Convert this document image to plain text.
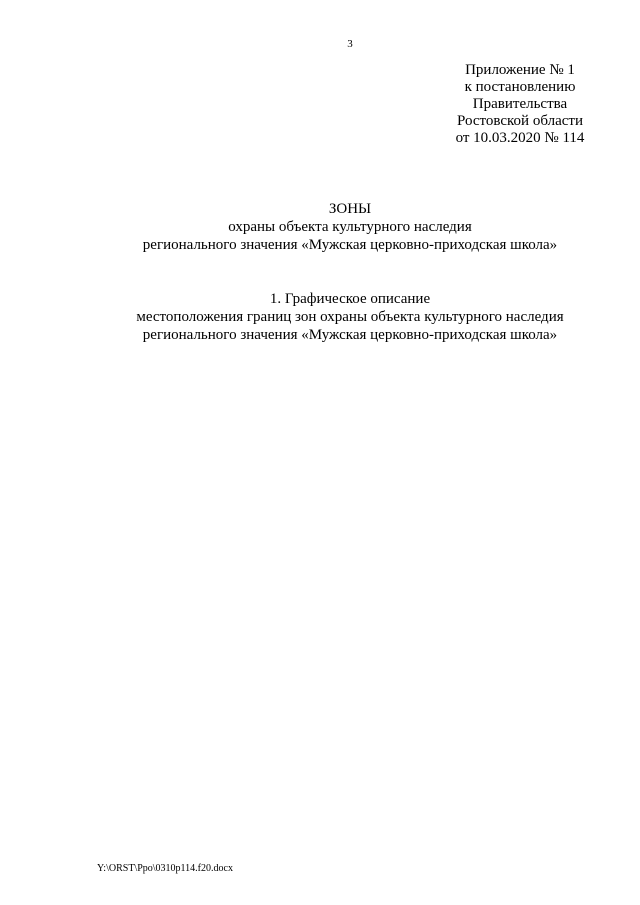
3
Приложение № 1
к постановлению
Правительства
Ростовской области
от 10.03.2020 № 114
ЗОНЫ
охраны объекта культурного наследия
регионального значения «Мужская церковно-приходская школа»
1. Графическое описание
местоположения границ зон охраны объекта культурного наследия
регионального значения «Мужская церковно-приходская школа»
Y:\ORST\Ppo\0310p114.f20.docx
